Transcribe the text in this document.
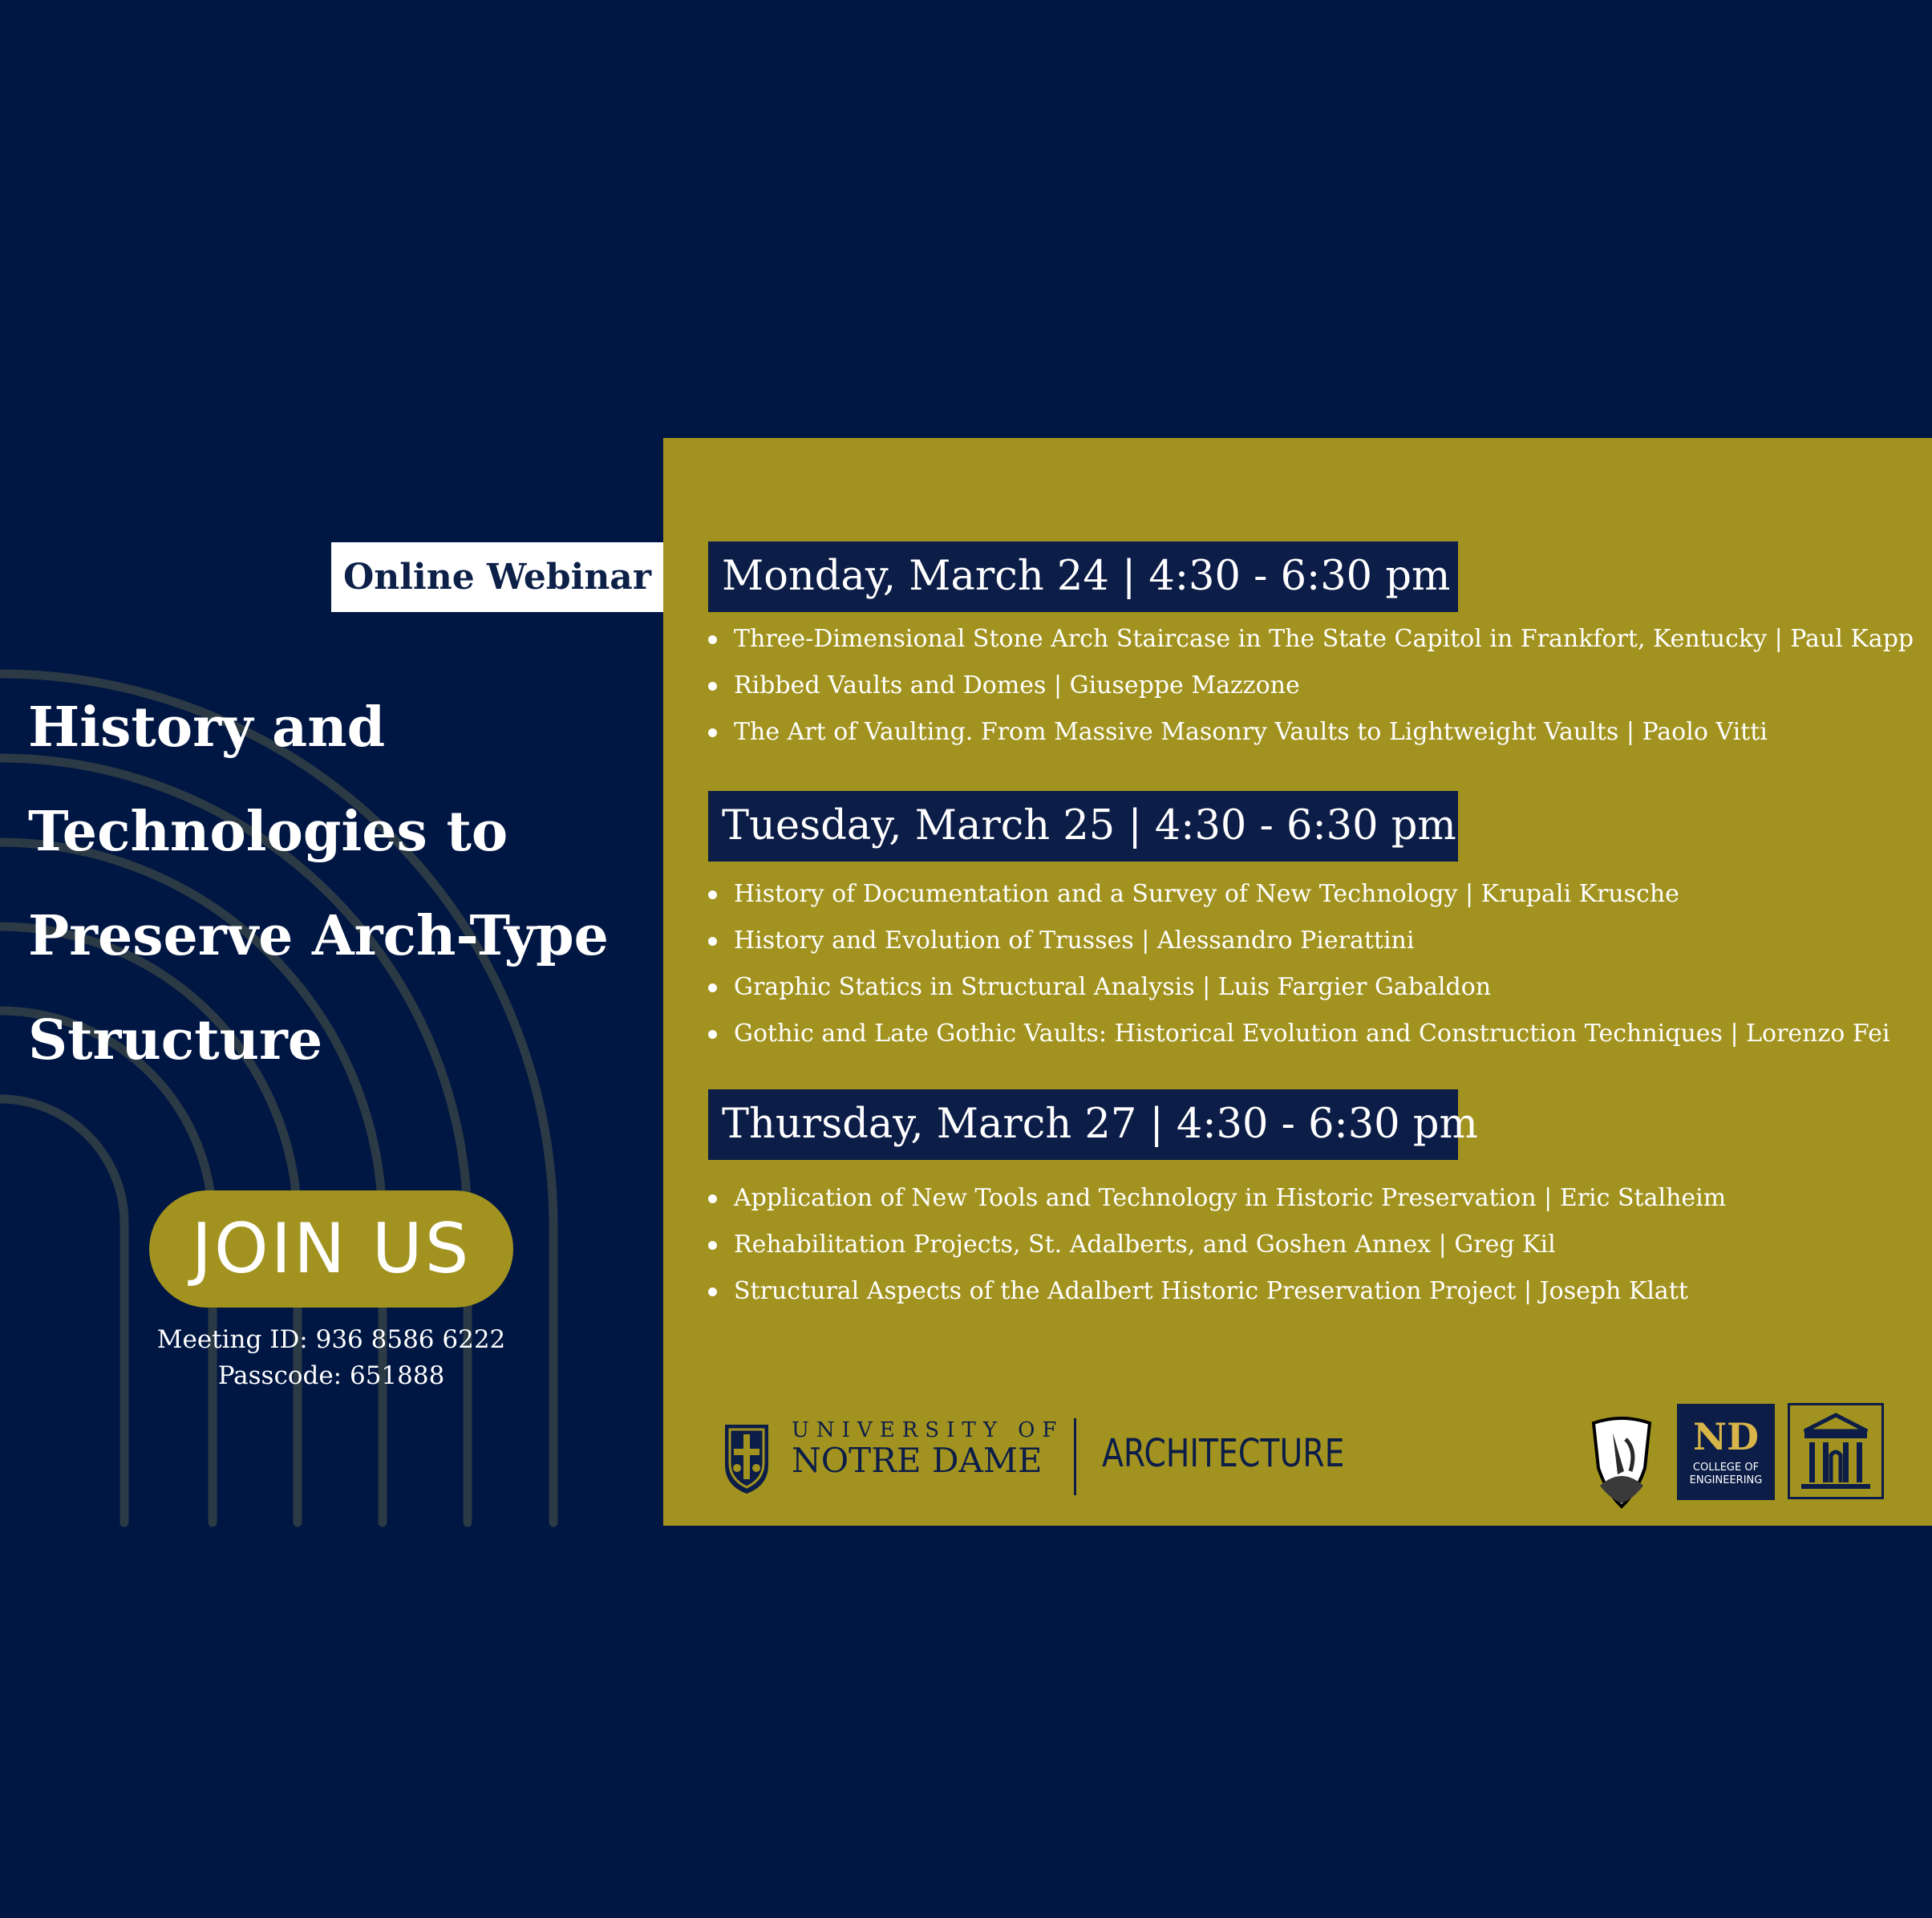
Online Webinar
History and
Technologies to
Preserve Arch-Type
Structure
JOIN US
Meeting ID: 936 8586 6222
Passcode: 651888
Monday, March 24 | 4:30 - 6:30 pm
Three-Dimensional Stone Arch Staircase in The State Capitol in Frankfort, Kentucky | Paul Kapp
Ribbed Vaults and Domes | Giuseppe Mazzone
The Art of Vaulting. From Massive Masonry Vaults to Lightweight Vaults | Paolo Vitti
Tuesday, March 25 | 4:30 - 6:30 pm
History of Documentation and a Survey of New Technology | Krupali Krusche
History and Evolution of Trusses | Alessandro Pierattini
Graphic Statics in Structural Analysis | Luis Fargier Gabaldon
Gothic and Late Gothic Vaults: Historical Evolution and Construction Techniques | Lorenzo Fei
Thursday, March 27 | 4:30 - 6:30 pm
Application of New Tools and Technology in Historic Preservation | Eric Stalheim
Rehabilitation Projects, St. Adalberts, and Goshen Annex | Greg Kil
Structural Aspects of the Adalbert Historic Preservation Project | Joseph Klatt
UNIVERSITY OF
NOTRE DAME ARCHITECTURE	ND
COLLEGE OF
ENGINEERING
